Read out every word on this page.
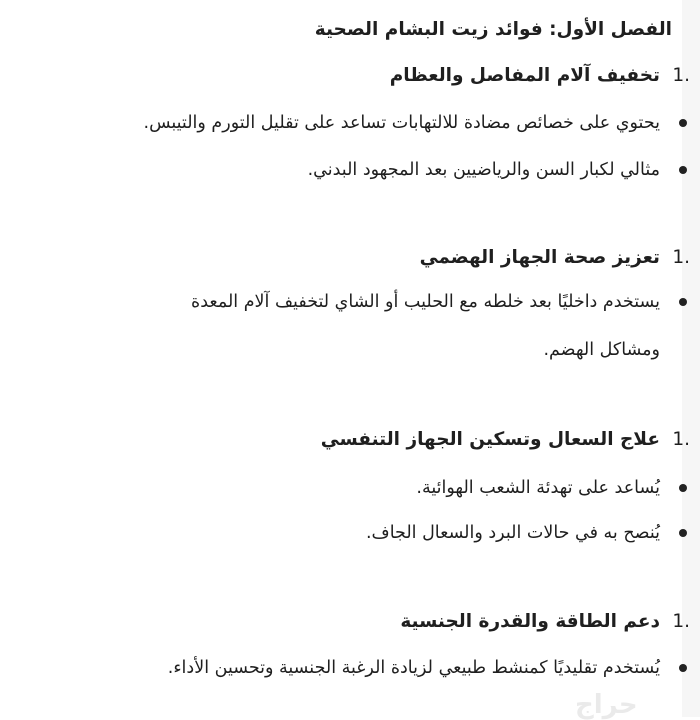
الفصل الأول: فوائد زيت البشام الصحية
1.
تخفيف آلام المفاصل والعظام
يحتوي على خصائص مضادة للالتهابات تساعد على تقليل التورم والتيبس.
مثالي لكبار السن والرياضيين بعد المجهود البدني.
1.
تعزيز صحة الجهاز الهضمي
يستخدم داخليًا بعد خلطه مع الحليب أو الشاي لتخفيف آلام المعدة
ومشاكل الهضم.
1.
علاج السعال وتسكين الجهاز التنفسي
يُساعد على تهدئة الشعب الهوائية.
يُنصح به في حالات البرد والسعال الجاف.
1.
دعم الطاقة والقدرة الجنسية
يُستخدم تقليديًا كمنشط طبيعي لزيادة الرغبة الجنسية وتحسين الأداء.
حراج
